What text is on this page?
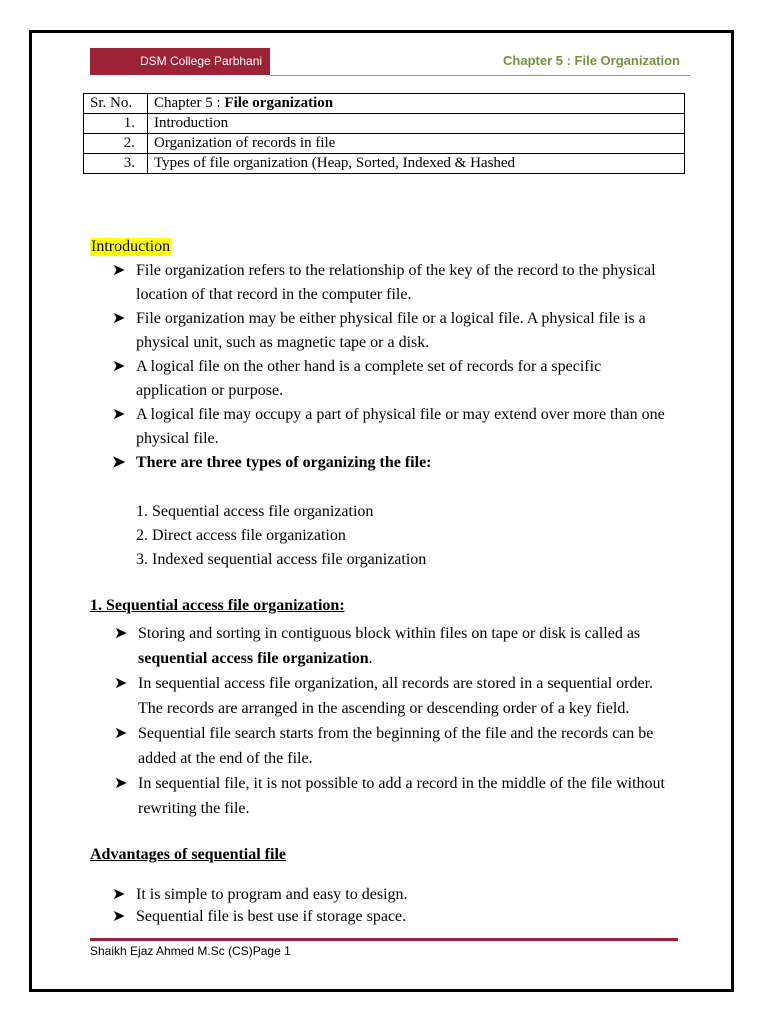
DSM College Parbhani	Chapter 5 : File Organization
Sr. No.	Chapter 5 : File organization
1.	Introduction
2.	Organization of records in file
3.	Types of file organization (Heap, Sorted, Indexed & Hashed
Introduction
➤ File organization refers to the relationship of the key of the record to the physical location of that record in the computer file.
➤ File organization may be either physical file or a logical file. A physical file is a physical unit, such as magnetic tape or a disk.
➤ A logical file on the other hand is a complete set of records for a specific application or purpose.
➤ A logical file may occupy a part of physical file or may extend over more than one physical file.
➤ There are three types of organizing the file:
1. Sequential access file organization
2. Direct access file organization
3. Indexed sequential access file organization
1. Sequential access file organization:
➤ Storing and sorting in contiguous block within files on tape or disk is called as sequential access file organization.
➤ In sequential access file organization, all records are stored in a sequential order. The records are arranged in the ascending or descending order of a key field.
➤ Sequential file search starts from the beginning of the file and the records can be added at the end of the file.
➤ In sequential file, it is not possible to add a record in the middle of the file without rewriting the file.
Advantages of sequential file
➤ It is simple to program and easy to design.
➤ Sequential file is best use if storage space.
Shaikh Ejaz Ahmed M.Sc (CS)Page 1
